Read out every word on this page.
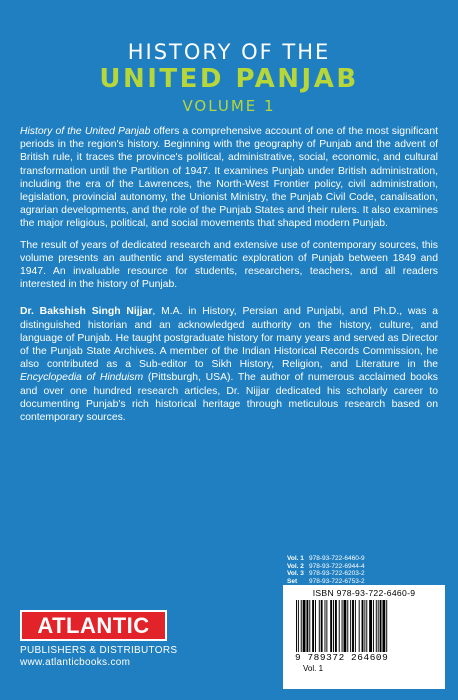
HISTORY OF THE
UNITED PANJAB
VOLUME 1

History of the United Panjab offers a comprehensive account of one of the most significant periods in the region's history. Beginning with the geography of Punjab and the advent of British rule, it traces the province's political, administrative, social, economic, and cultural transformation until the Partition of 1947. It examines Punjab under British administration, including the era of the Lawrences, the North-West Frontier policy, civil administration, legislation, provincial autonomy, the Unionist Ministry, the Punjab Civil Code, canalisation, agrarian developments, and the role of the Punjab States and their rulers. It also examines the major religious, political, and social movements that shaped modern Punjab.

The result of years of dedicated research and extensive use of contemporary sources, this volume presents an authentic and systematic exploration of Punjab between 1849 and 1947. An invaluable resource for students, researchers, teachers, and all readers interested in the history of Punjab.

Dr. Bakshish Singh Nijjar, M.A. in History, Persian and Punjabi, and Ph.D., was a distinguished historian and an acknowledged authority on the history, culture, and language of Punjab. He taught postgraduate history for many years and served as Director of the Punjab State Archives. A member of the Indian Historical Records Commission, he also contributed as a Sub-editor to Sikh History, Religion, and Literature in the Encyclopedia of Hinduism (Pittsburgh, USA). The author of numerous acclaimed books and over one hundred research articles, Dr. Nijjar dedicated his scholarly career to documenting Punjab's rich historical heritage through meticulous research based on contemporary sources.

Vol. 1 978-93-722-6460-9
Vol. 2 978-93-722-6944-4
Vol. 3 978-93-722-6203-2
Set	978-93-722-6753-2
ISBN 978-93-722-6460-9
9 789372 264609
Vol. 1
ATLANTIC
PUBLISHERS & DISTRIBUTORS
www.atlanticbooks.com
